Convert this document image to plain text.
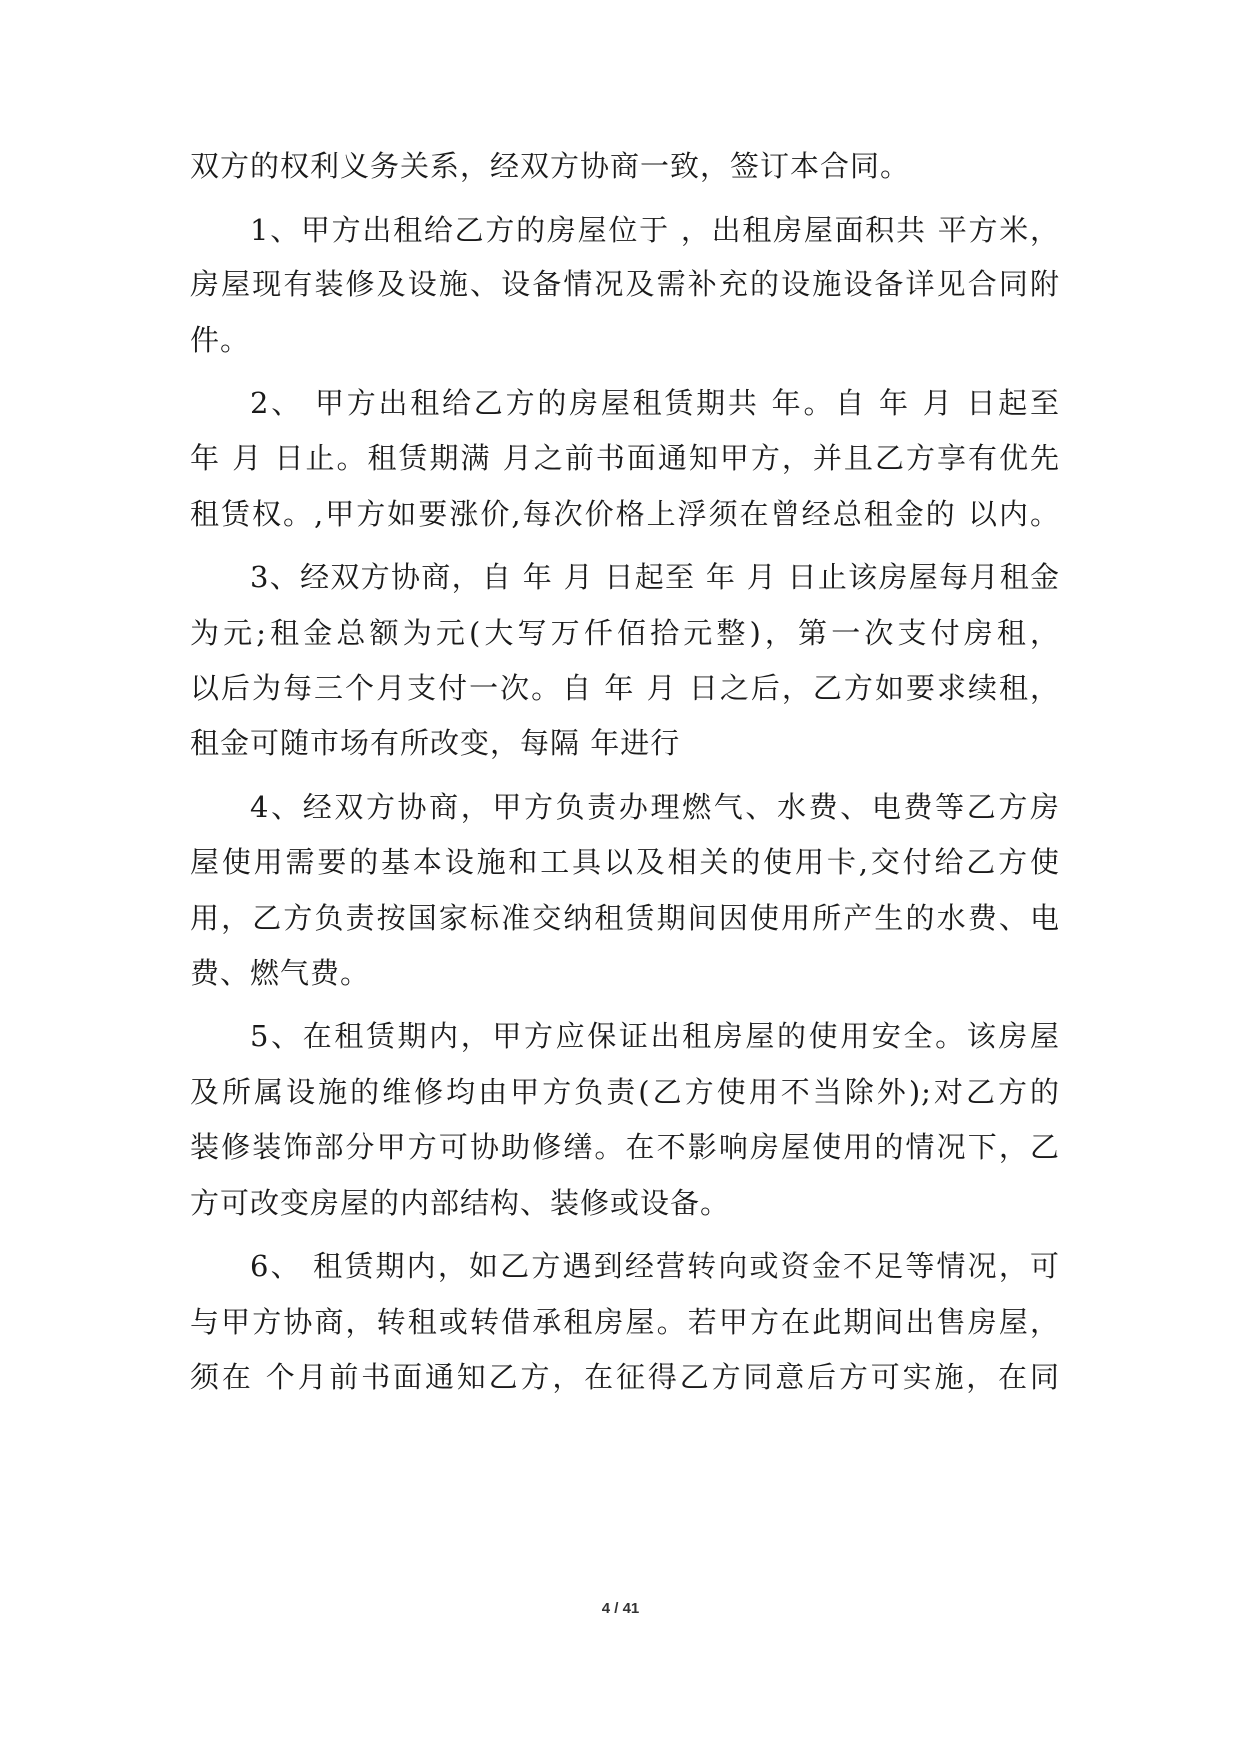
双方的权利义务关系，经双方协商一致，签订本合同。
1、甲方出租给乙方的房屋位于 ，出租房屋面积共 平方米，
房屋现有装修及设施、设备情况及需补充的设施设备详见合同附
件。
2、 甲方出租给乙方的房屋租赁期共 年。自 年 月 日起至
年 月 日止。租赁期满 月之前书面通知甲方，并且乙方享有优先
租赁权。,甲方如要涨价,每次价格上浮须在曾经总租金的 以内。
3、经双方协商，自 年 月 日起至 年 月 日止该房屋每月租金
为元;租金总额为元(大写万仟佰拾元整)，第一次支付房租，
以后为每三个月支付一次。自 年 月 日之后，乙方如要求续租，
租金可随市场有所改变，每隔 年进行
4、经双方协商，甲方负责办理燃气、水费、电费等乙方房
屋使用需要的基本设施和工具以及相关的使用卡,交付给乙方使
用，乙方负责按国家标准交纳租赁期间因使用所产生的水费、电
费、燃气费。
5、在租赁期内，甲方应保证出租房屋的使用安全。该房屋
及所属设施的维修均由甲方负责(乙方使用不当除外);对乙方的
装修装饰部分甲方可协助修缮。在不影响房屋使用的情况下，乙
方可改变房屋的内部结构、装修或设备。
6、 租赁期内，如乙方遇到经营转向或资金不足等情况，可
与甲方协商，转租或转借承租房屋。若甲方在此期间出售房屋，
须在 个月前书面通知乙方，在征得乙方同意后方可实施，在同
4 / 41
